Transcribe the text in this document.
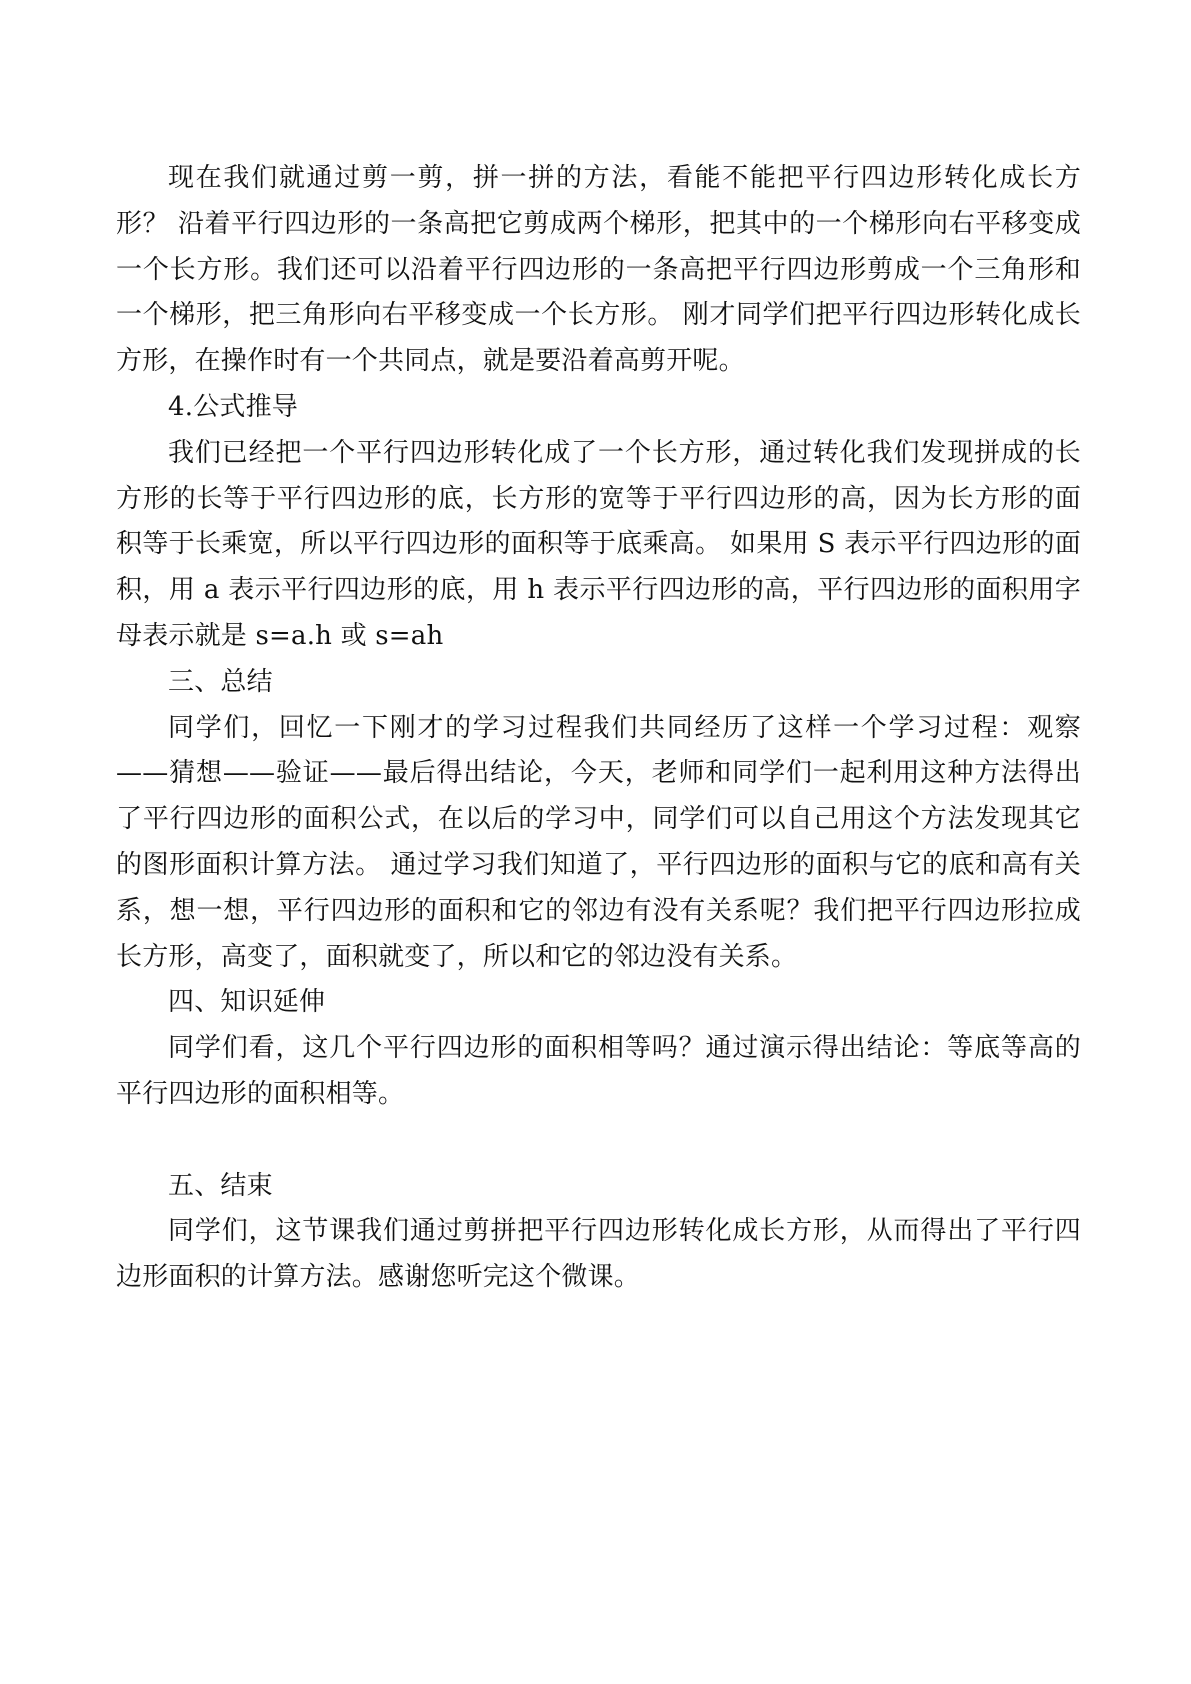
现在我们就通过剪一剪，拼一拼的方法，看能不能把平行四边形转化成长方形？ 沿着平行四边形的一条高把它剪成两个梯形，把其中的一个梯形向右平移变成一个长方形。我们还可以沿着平行四边形的一条高把平行四边形剪成一个三角形和一个梯形，把三角形向右平移变成一个长方形。 刚才同学们把平行四边形转化成长方形，在操作时有一个共同点，就是要沿着高剪开呢。

4.公式推导

我们已经把一个平行四边形转化成了一个长方形，通过转化我们发现拼成的长方形的长等于平行四边形的底，长方形的宽等于平行四边形的高，因为长方形的面积等于长乘宽，所以平行四边形的面积等于底乘高。 如果用 S 表示平行四边形的面积，用 a 表示平行四边形的底，用 h 表示平行四边形的高，平行四边形的面积用字母表示就是 s=a.h 或 s=ah

三、总结

同学们，回忆一下刚才的学习过程我们共同经历了这样一个学习过程：观察——猜想——验证——最后得出结论，今天，老师和同学们一起利用这种方法得出了平行四边形的面积公式，在以后的学习中，同学们可以自己用这个方法发现其它的图形面积计算方法。 通过学习我们知道了，平行四边形的面积与它的底和高有关系，想一想，平行四边形的面积和它的邻边有没有关系呢？我们把平行四边形拉成长方形，高变了，面积就变了，所以和它的邻边没有关系。

四、知识延伸

同学们看，这几个平行四边形的面积相等吗？通过演示得出结论：等底等高的平行四边形的面积相等。

五、结束

同学们，这节课我们通过剪拼把平行四边形转化成长方形，从而得出了平行四边形面积的计算方法。感谢您听完这个微课。
